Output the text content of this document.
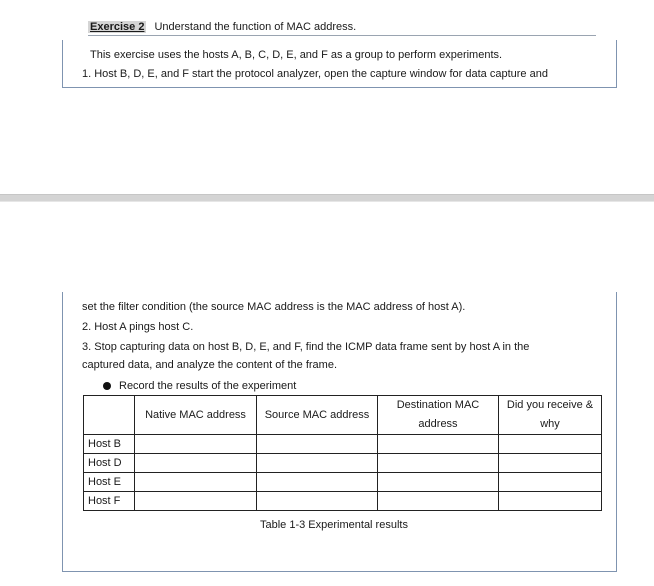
Exercise 2 Understand the function of MAC address.
This exercise uses the hosts A, B, C, D, E, and F as a group to perform experiments.
1. Host B, D, E, and F start the protocol analyzer, open the capture window for data capture and
set the filter condition (the source MAC address is the MAC address of host A).
2. Host A pings host C.
3. Stop capturing data on host B, D, E, and F, find the ICMP data frame sent by host A in the
captured data, and analyze the content of the frame.
Record the results of the experiment
	Native MAC address	Source MAC address	Destination MAC address	Did you receive & why
Host B				
Host D				
Host E				
Host F				
Table 1-3 Experimental results
